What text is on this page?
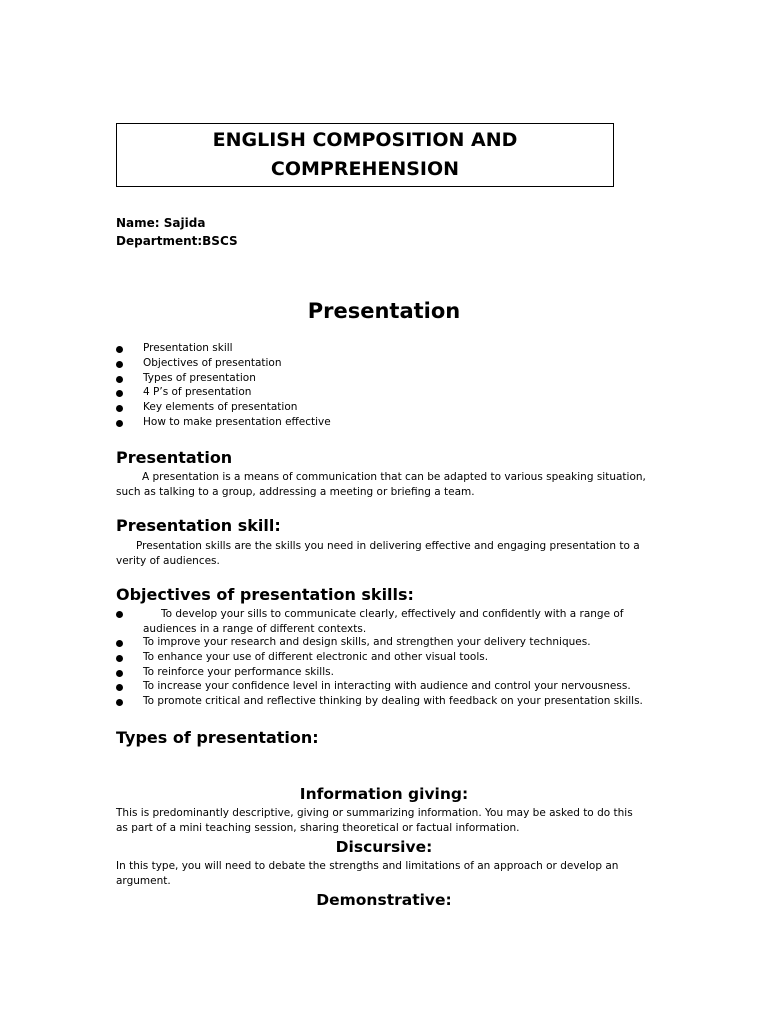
ENGLISH COMPOSITION AND
COMPREHENSION
Name: Sajida
Department:BSCS
Presentation
Presentation skill
Objectives of presentation
Types of presentation
4 P’s of presentation
Key elements of presentation
How to make presentation effective
Presentation
A presentation is a means of communication that can be adapted to various speaking situation, such as talking to a group, addressing a meeting or briefing a team.
Presentation skill:
Presentation skills are the skills you need in delivering effective and engaging presentation to a verity of audiences.
Objectives of presentation skills:
To develop your sills to communicate clearly, effectively and confidently with a range of audiences in a range of different contexts.
To improve your research and design skills, and strengthen your delivery techniques.
To enhance your use of different electronic and other visual tools.
To reinforce your performance skills.
To increase your confidence level in interacting with audience and control your nervousness.
To promote critical and reflective thinking by dealing with feedback on your presentation skills.
Types of presentation:
Information giving:
This is predominantly descriptive, giving or summarizing information. You may be asked to do this as part of a mini teaching session, sharing theoretical or factual information.
Discursive:
In this type, you will need to debate the strengths and limitations of an approach or develop an argument.
Demonstrative:
